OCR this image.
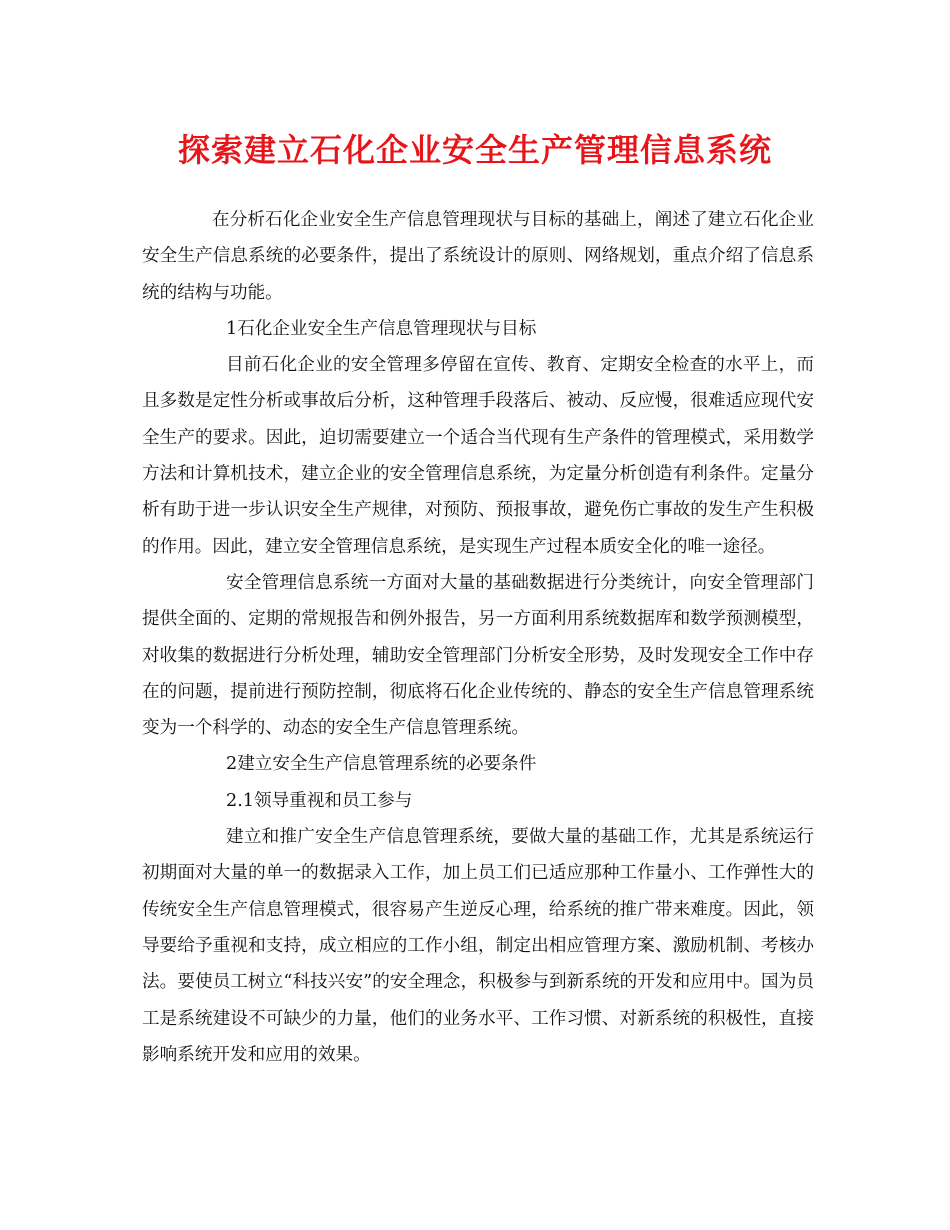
探索建立石化企业安全生产管理信息系统

在分析石化企业安全生产信息管理现状与目标的基础上，阐述了建立石化企业安全生产信息系统的必要条件，提出了系统设计的原则、网络规划，重点介绍了信息系统的结构与功能。

1石化企业安全生产信息管理现状与目标

目前石化企业的安全管理多停留在宣传、教育、定期安全检查的水平上，而且多数是定性分析或事故后分析，这种管理手段落后、被动、反应慢，很难适应现代安全生产的要求。因此，迫切需要建立一个适合当代现有生产条件的管理模式，采用数学方法和计算机技术，建立企业的安全管理信息系统，为定量分析创造有利条件。定量分析有助于进一步认识安全生产规律，对预防、预报事故，避免伤亡事故的发生产生积极的作用。因此，建立安全管理信息系统，是实现生产过程本质安全化的唯一途径。

安全管理信息系统一方面对大量的基础数据进行分类统计，向安全管理部门提供全面的、定期的常规报告和例外报告，另一方面利用系统数据库和数学预测模型，对收集的数据进行分析处理，辅助安全管理部门分析安全形势，及时发现安全工作中存在的问题，提前进行预防控制，彻底将石化企业传统的、静态的安全生产信息管理系统变为一个科学的、动态的安全生产信息管理系统。

2建立安全生产信息管理系统的必要条件

2.1领导重视和员工参与

建立和推广安全生产信息管理系统，要做大量的基础工作，尤其是系统运行初期面对大量的单一的数据录入工作，加上员工们已适应那种工作量小、工作弹性大的传统安全生产信息管理模式，很容易产生逆反心理，给系统的推广带来难度。因此，领导要给予重视和支持，成立相应的工作小组，制定出相应管理方案、激励机制、考核办法。要使员工树立“科技兴安”的安全理念，积极参与到新系统的开发和应用中。国为员工是系统建设不可缺少的力量，他们的业务水平、工作习惯、对新系统的积极性，直接影响系统开发和应用的效果。
